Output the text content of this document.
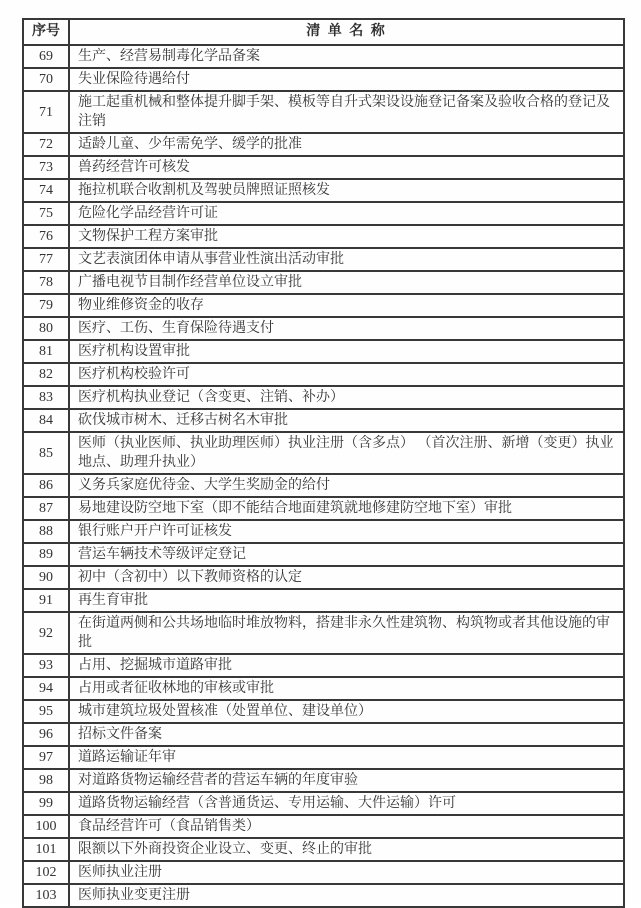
序号	清 单 名 称
69	生产、经营易制毒化学品备案
70	失业保险待遇给付
71	施工起重机械和整体提升脚手架、模板等自升式架设设施登记备案及验收合格的登记及注销
72	适龄儿童、少年需免学、缓学的批准
73	兽药经营许可核发
74	拖拉机联合收割机及驾驶员牌照证照核发
75	危险化学品经营许可证
76	文物保护工程方案审批
77	文艺表演团体申请从事营业性演出活动审批
78	广播电视节目制作经营单位设立审批
79	物业维修资金的收存
80	医疗、工伤、生育保险待遇支付
81	医疗机构设置审批
82	医疗机构校验许可
83	医疗机构执业登记（含变更、注销、补办）
84	砍伐城市树木、迁移古树名木审批
85	医师（执业医师、执业助理医师）执业注册（含多点） （首次注册、新增（变更）执业地点、助理升执业）
86	义务兵家庭优待金、大学生奖励金的给付
87	易地建设防空地下室（即不能结合地面建筑就地修建防空地下室）审批
88	银行账户开户许可证核发
89	营运车辆技术等级评定登记
90	初中（含初中）以下教师资格的认定
91	再生育审批
92	在街道两侧和公共场地临时堆放物料，搭建非永久性建筑物、构筑物或者其他设施的审批
93	占用、挖掘城市道路审批
94	占用或者征收林地的审核或审批
95	城市建筑垃圾处置核准（处置单位、建设单位）
96	招标文件备案
97	道路运输证年审
98	对道路货物运输经营者的营运车辆的年度审验
99	道路货物运输经营（含普通货运、专用运输、大件运输）许可
100	食品经营许可（食品销售类）
101	限额以下外商投资企业设立、变更、终止的审批
102	医师执业注册
103	医师执业变更注册
